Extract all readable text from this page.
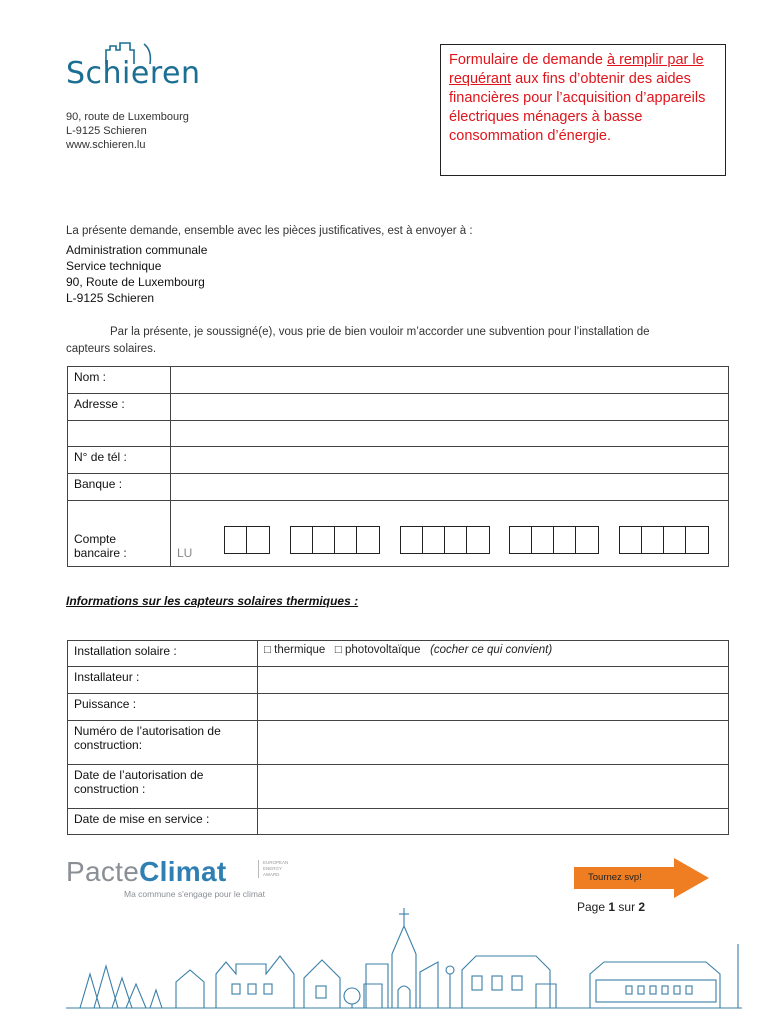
Schieren
90, route de Luxembourg
L-9125 Schieren
www.schieren.lu

Formulaire de demande à remplir par le requérant aux fins d’obtenir des aides financières pour l’acquisition d’appareils électriques ménagers à basse consommation d’énergie.

La présente demande, ensemble avec les pièces justificatives, est à envoyer à :
Administration communale
Service technique
90, Route de Luxembourg
L-9125 Schieren
Par la présente, je soussigné(e), vous prie de bien vouloir m’accorder une subvention pour l’installation de
capteurs solaires.
Nom :	
Adresse :	

N° de tél :	
Banque :	

Compte
bancaire :	LU
Informations sur les capteurs solaires thermiques :
Installation solaire :	□ thermique □ photovoltaïque (cocher ce qui convient)
Installateur :	
Puissance :	

Numéro de l’autorisation de
construction:	

Date de l’autorisation de
construction :	

Date de mise en service :	
PacteClimat
Ma commune s'engage pour le climat
EUROPEAN ENERGY AWARD	Tournez svp!
Page 1 sur 2
